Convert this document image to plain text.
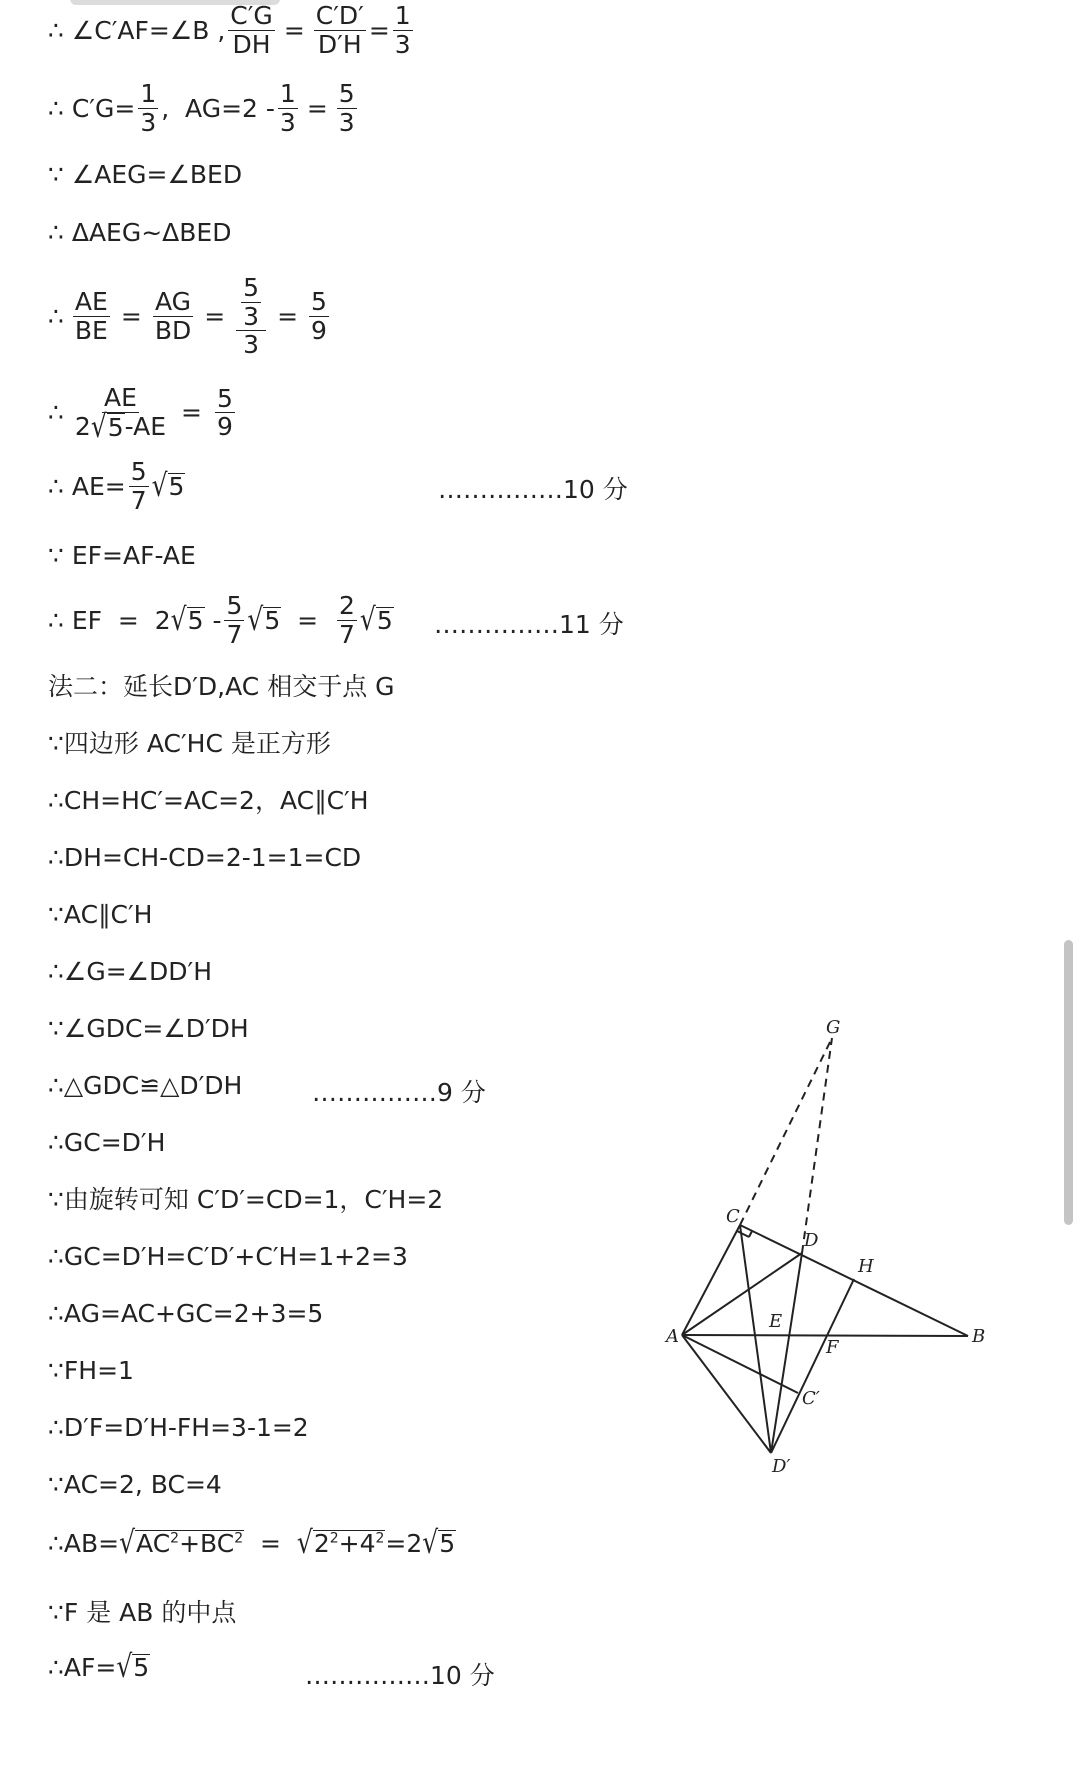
∴ ∠C′AF=∠B , $\frac{C'G}{DH} = \frac{C'D'}{D'H} = \frac{1}{3}$
∴ $C'G= \frac{1}{3}$ ,  $AG=2 - \frac{1}{3} = \frac{5}{3}$
∵ ∠AEG=∠BED
∴ ΔAEG~ΔBED
∴ $\frac{AE}{BE} = \frac{AG}{BD} = \frac{\frac{5}{3}}{3} = \frac{5}{9}$
∴ $\frac{AE}{2 √ 5 -AE} = \frac{5}{9}$
∴ $AE= \frac{5}{7}$ √ 5	……………10 分
∵ EF=AF-AE
∴ EF  =  2 √ $5 - \frac{5}{7}$ √ $5 = \frac{2}{7}$ √ 5 ……………11 分
法二：延长D′D,AC 相交于点 G
∵四边形 AC′HC 是正方形
∴CH=HC′=AC=2，AC∥C′H
∴DH=CH-CD=2-1=1=CD
∵AC∥C′H
∴∠G=∠DD′H
∵∠GDC=∠D′DH
∴△GDC≌△D′DH	……………9 分
∴GC=D′H
∵由旋转可知 C′D′=CD=1，C′H=2
∴GC=D′H=C′D′+C′H=1+2=3
∴AG=AC+GC=2+3=5
∵FH=1
∴D′F=D′H-FH=3-1=2
∵AC=2, BC=4
∴AB= √ $AC^2+BC^2$ = √ $2^2+4^2 =2$ √ 5
∵F 是 AB 的中点
∴AF= √ 5	……………10 分
G
C
D
H
A
E
F
B
C′
D′
